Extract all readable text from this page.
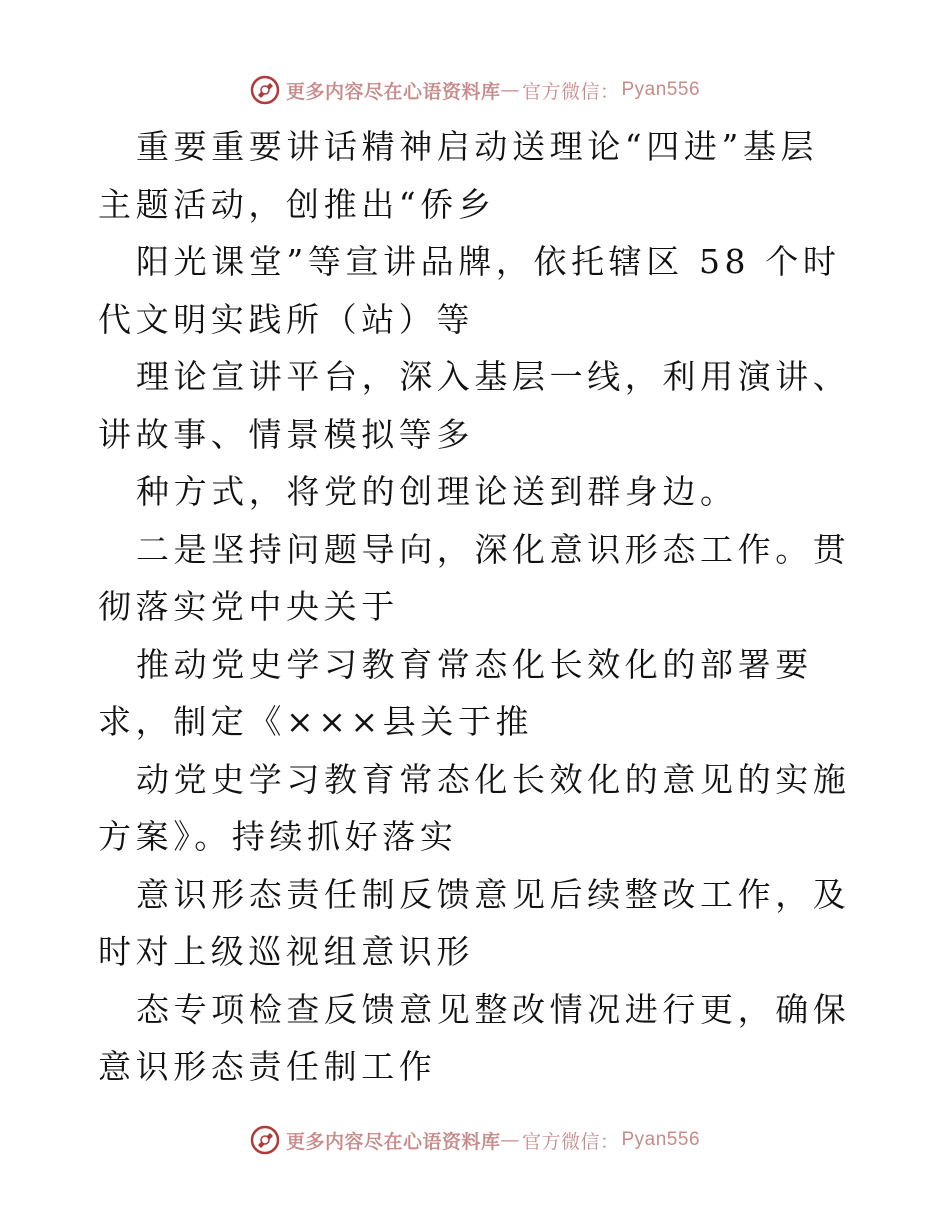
更多内容尽在心语资料库 — 官方微信： Pyan556

重要重要讲话精神启动送理论“四进”基层主题活动，创推出“侨乡

阳光课堂”等宣讲品牌，依托辖区 58 个时代文明实践所（站）等

理论宣讲平台，深入基层一线，利用演讲、讲故事、情景模拟等多

种方式，将党的创理论送到群身边。

二是坚持问题导向，深化意识形态工作。贯彻落实党中央关于

推动党史学习教育常态化长效化的部署要求，制定《×××县关于推

动党史学习教育常态化长效化的意见的实施方案》。持续抓好落实

意识形态责任制反馈意见后续整改工作，及时对上级巡视组意识形

态专项检查反馈意见整改情况进行更，确保意识形态责任制工作

更多内容尽在心语资料库 — 官方微信： Pyan556
